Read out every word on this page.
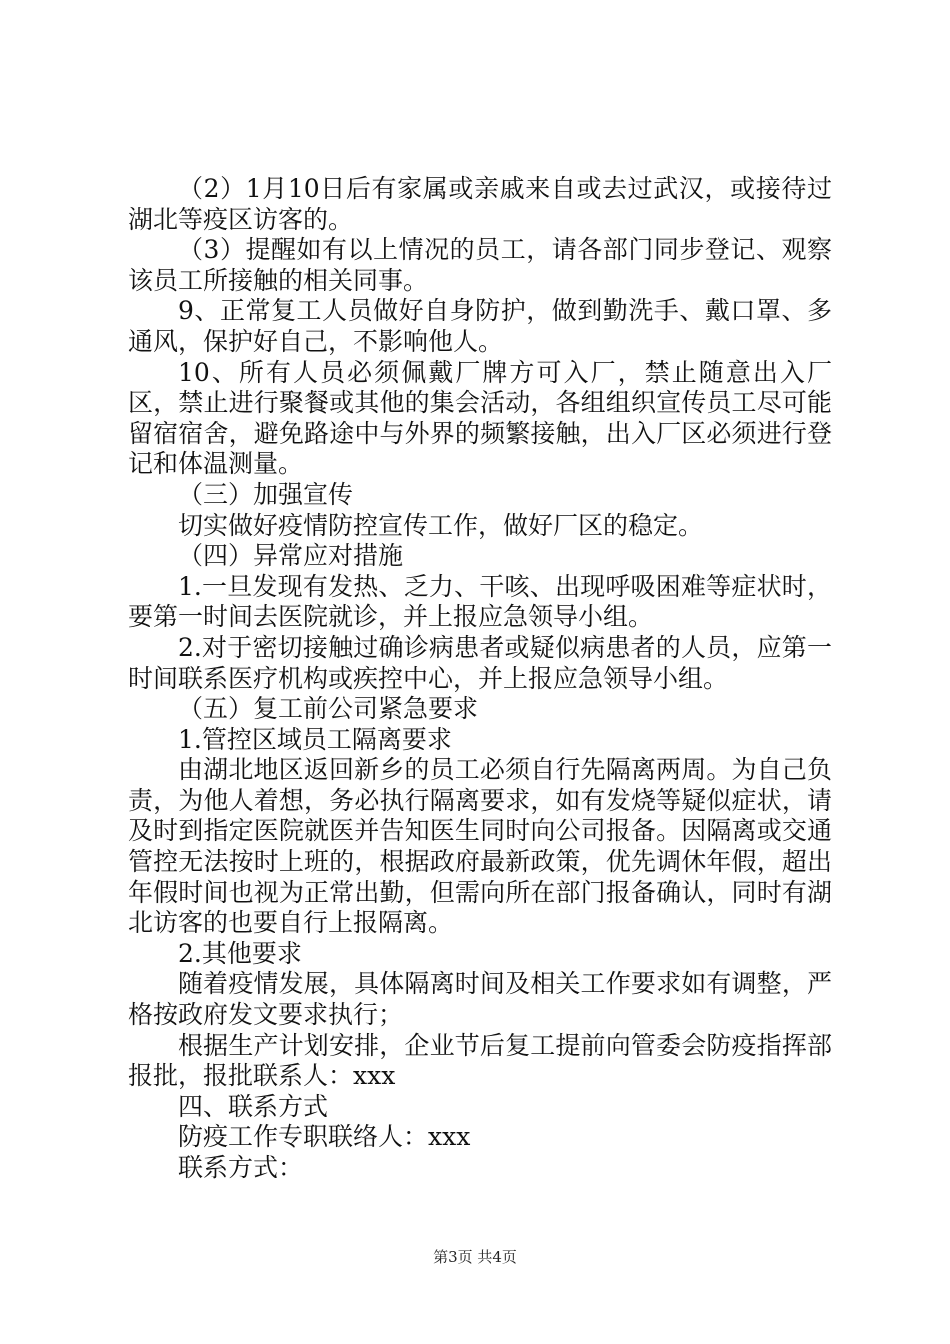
（2）1月10日后有家属或亲戚来自或去过武汉，或接待过湖北等疫区访客的。

（3）提醒如有以上情况的员工，请各部门同步登记、观察该员工所接触的相关同事。

9、正常复工人员做好自身防护，做到勤洗手、戴口罩、多通风，保护好自己，不影响他人。

10、所有人员必须佩戴厂牌方可入厂，禁止随意出入厂区，禁止进行聚餐或其他的集会活动，各组组织宣传员工尽可能留宿宿舍，避免路途中与外界的频繁接触，出入厂区必须进行登记和体温测量。

（三）加强宣传

切实做好疫情防控宣传工作，做好厂区的稳定。

（四）异常应对措施

1.一旦发现有发热、乏力、干咳、出现呼吸困难等症状时，要第一时间去医院就诊，并上报应急领导小组。

2.对于密切接触过确诊病患者或疑似病患者的人员，应第一时间联系医疗机构或疾控中心，并上报应急领导小组。

（五）复工前公司紧急要求

1.管控区域员工隔离要求

由湖北地区返回新乡的员工必须自行先隔离两周。为自己负责，为他人着想，务必执行隔离要求，如有发烧等疑似症状，请及时到指定医院就医并告知医生同时向公司报备。因隔离或交通管控无法按时上班的，根据政府最新政策，优先调休年假，超出年假时间也视为正常出勤，但需向所在部门报备确认，同时有湖北访客的也要自行上报隔离。

2.其他要求

随着疫情发展，具体隔离时间及相关工作要求如有调整，严格按政府发文要求执行；

根据生产计划安排，企业节后复工提前向管委会防疫指挥部报批，报批联系人：xxx

四、联系方式

防疫工作专职联络人：xxx

联系方式：

第3页 共4页
